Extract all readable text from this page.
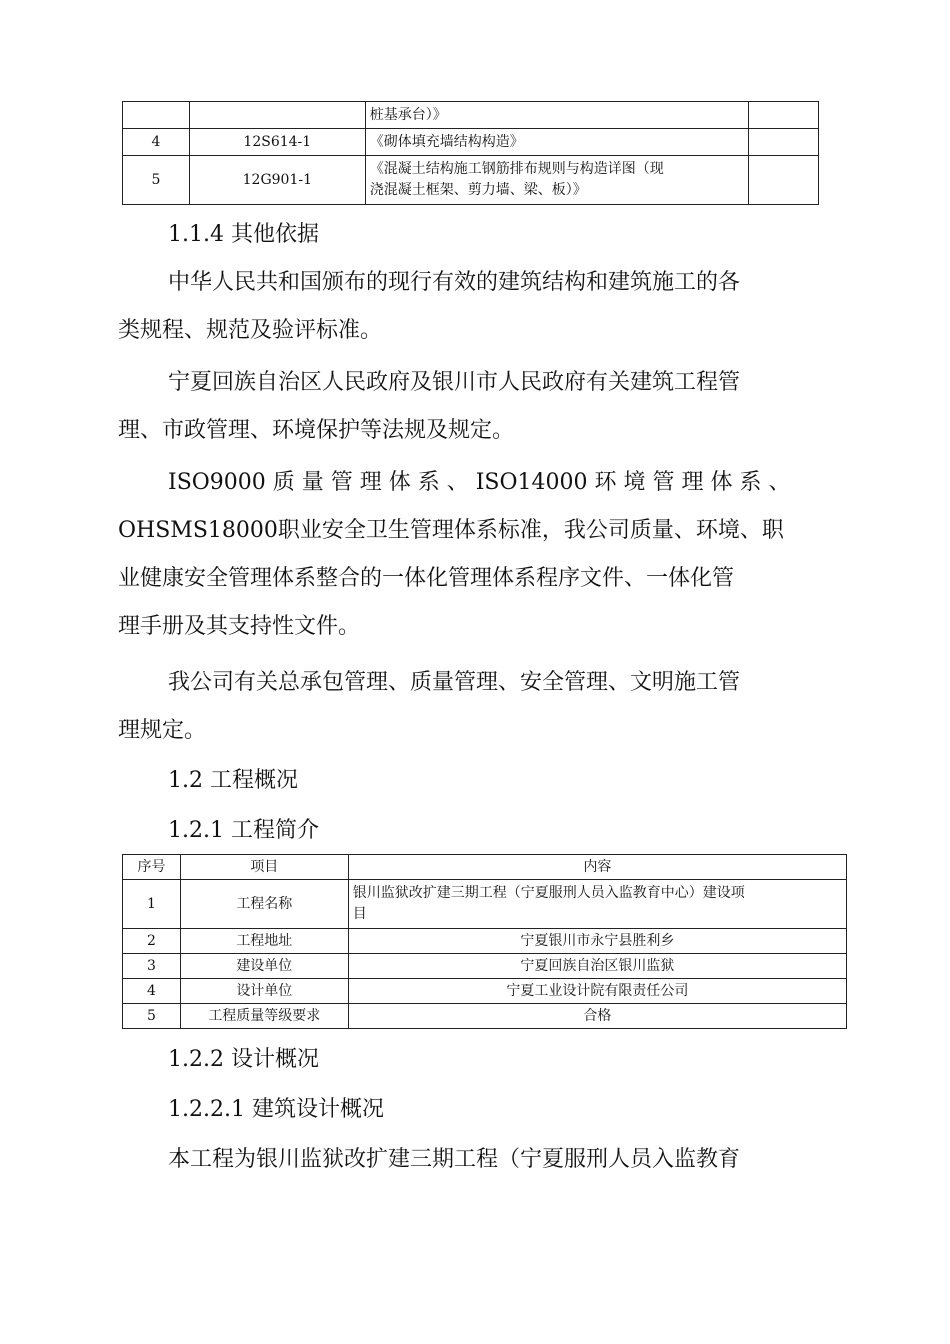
		桩基承台）》	
4	12S614-1	《砌体填充墙结构构造》	
5	12G901-1	《混凝土结构施工钢筋排布规则与构造详图（现
浇混凝土框架、剪力墙、梁、板）》	

1.1.4 其他依据
中华人民共和国颁布的现行有效的建筑结构和建筑施工的各
类规程、规范及验评标准。
宁夏回族自治区人民政府及银川市人民政府有关建筑工程管
理、市政管理、环境保护等法规及规定。
ISO9000 质 量 管 理 体 系 、 ISO14000 环 境 管 理 体 系 、
OHSMS18000职业安全卫生管理体系标准，我公司质量、环境、职
业健康安全管理体系整合的一体化管理体系程序文件、一体化管
理手册及其支持性文件。
我公司有关总承包管理、质量管理、安全管理、文明施工管
理规定。
1.2 工程概况
1.2.1 工程简介
序号	项目	内容
1	工程名称	银川监狱改扩建三期工程（宁夏服刑人员入监教育中心）建设项
目

2	工程地址	宁夏银川市永宁县胜利乡
3	建设单位	宁夏回族自治区银川监狱
4	设计单位	宁夏工业设计院有限责任公司
5	工程质量等级要求	合格
1.2.2 设计概况
1.2.2.1 建筑设计概况
本工程为银川监狱改扩建三期工程（宁夏服刑人员入监教育
